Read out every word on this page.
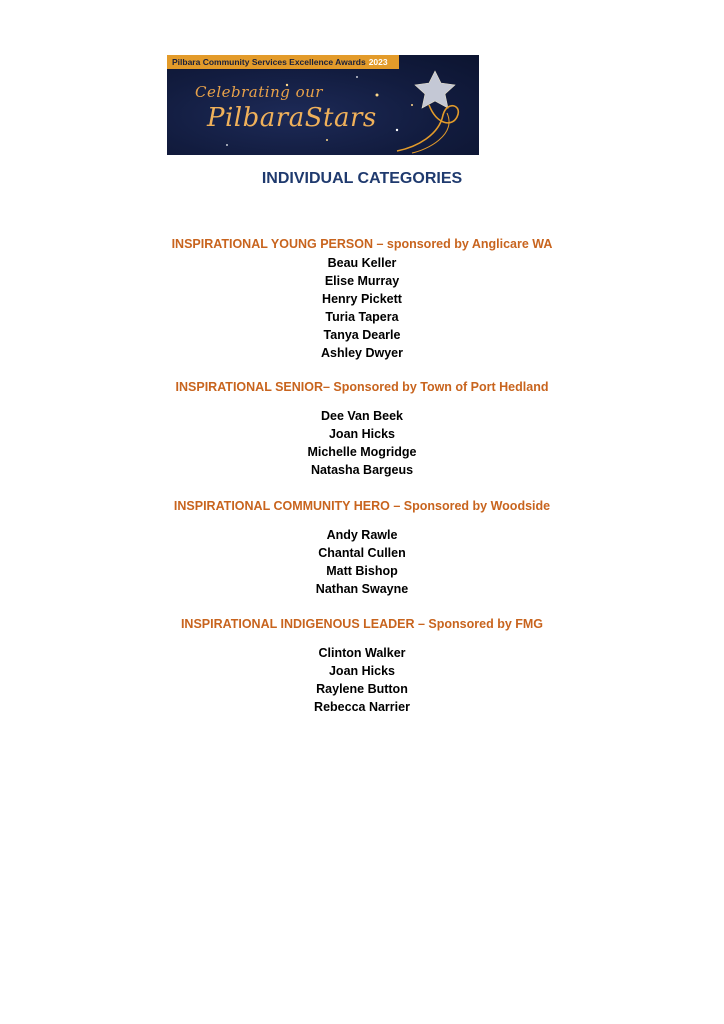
Pilbara Community Services Excellence Awards 2023
Celebrating our
PilbaraStars
INDIVIDUAL CATEGORIES

INSPIRATIONAL YOUNG PERSON – sponsored by Anglicare WA

Beau Keller
Elise Murray
Henry Pickett
Turia Tapera
Tanya Dearle
Ashley Dwyer

INSPIRATIONAL SENIOR– Sponsored by Town of Port Hedland

Dee Van Beek
Joan Hicks
Michelle Mogridge
Natasha Bargeus

INSPIRATIONAL COMMUNITY HERO – Sponsored by Woodside

Andy Rawle
Chantal Cullen
Matt Bishop
Nathan Swayne

INSPIRATIONAL INDIGENOUS LEADER – Sponsored by FMG

Clinton Walker
Joan Hicks
Raylene Button
Rebecca Narrier
